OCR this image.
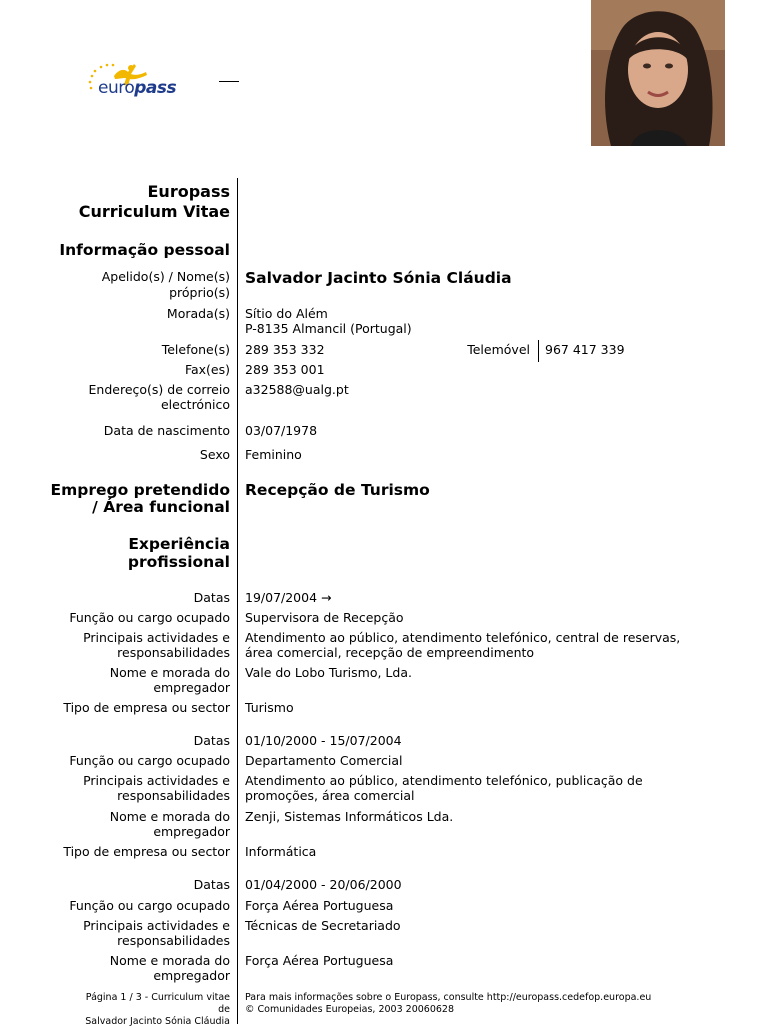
europass
Europass
Curriculum Vitae
Informação pessoal
Apelido(s) / Nome(s)
próprio(s)
Salvador Jacinto Sónia Cláudia
Morada(s) Sítio do Além
P-8135 Almancil (Portugal)
Telefone(s) 289 353 332	Telemóvel 967 417 339
Fax(es) 289 353 001
Endereço(s) de correio
electrónico
a32588@ualg.pt
Data de nascimento 03/07/1978
Sexo Feminino
Emprego pretendido
/ Área funcional
Recepção de Turismo
Experiência
profissional
Datas 19/07/2004 →
Função ou cargo ocupado Supervisora de Recepção
Principais actividades e
responsabilidades
Atendimento ao público, atendimento telefónico, central de reservas,
área comercial, recepção de empreendimento
Nome e morada do
empregador
Vale do Lobo Turismo, Lda.
Tipo de empresa ou sector Turismo
Datas 01/10/2000 - 15/07/2004
Função ou cargo ocupado Departamento Comercial
Principais actividades e
responsabilidades
Atendimento ao público, atendimento telefónico, publicação de
promoções, área comercial
Nome e morada do
empregador
Zenji, Sistemas Informáticos Lda.
Tipo de empresa ou sector Informática
Datas 01/04/2000 - 20/06/2000
Função ou cargo ocupado Força Aérea Portuguesa
Principais actividades e
responsabilidades
Técnicas de Secretariado
Nome e morada do
empregador
Força Aérea Portuguesa
Página 1 / 3 - Curriculum vitae
de
Salvador Jacinto Sónia Cláudia
Para mais informações sobre o Europass, consulte http://europass.cedefop.europa.eu
© Comunidades Europeias, 2003 20060628
